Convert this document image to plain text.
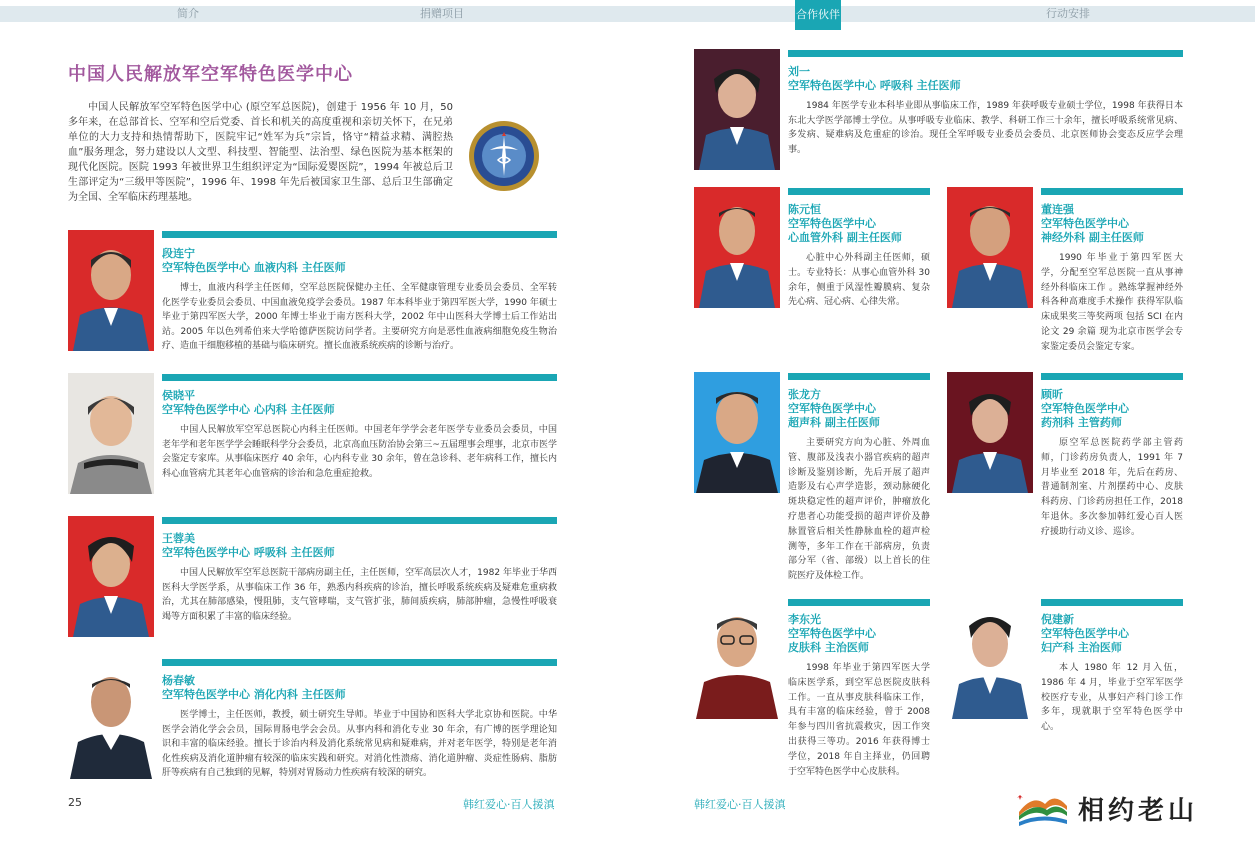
简介	捐赠项目	合作伙伴	行动安排
中国人民解放军空军特色医学中心
中国人民解放军空军特色医学中心 (原空军总医院)，创建于 1956 年 10 月，50 多年来，在总部首长、空军和空后党委、首长和机关的高度重视和亲切关怀下，在兄弟单位的大力支持和热情帮助下，医院牢记“姓军为兵”宗旨，恪守“精益求精、满腔热血”服务理念，努力建设以人文型、科技型、智能型、法治型、绿色医院为基本框架的现代化医院。医院 1993 年被世界卫生组织评定为“国际爱婴医院”，1994 年被总后卫生部评定为“三级甲等医院”，1996 年、1998 年先后被国家卫生部、总后卫生部确定为全国、全军临床药理基地。
段连宁
空军特色医学中心 血液内科 主任医师
博士，血液内科学主任医师，空军总医院保健办主任、全军健康管理专业委员会委员、全军转化医学专业委员会委员、中国血液免疫学会委员。1987 年本科毕业于第四军医大学，1990 年硕士毕业于第四军医大学，2000 年博士毕业于南方医科大学，2002 年中山医科大学博士后工作站出站。2005 年以色列希伯来大学哈德萨医院访问学者。主要研究方向是恶性血液病细胞免疫生物治疗、造血干细胞移植的基础与临床研究。擅长血液系统疾病的诊断与治疗。
侯晓平
空军特色医学中心 心内科 主任医师
中国人民解放军空军总医院心内科主任医师。中国老年学学会老年医学专业委员会委员，中国老年学和老年医学学会睡眠科学分会委员，北京高血压防治协会第三~五届理事会理事，北京市医学会鉴定专家库。从事临床医疗 40 余年，心内科专业 30 余年，曾在急诊科、老年病科工作，擅长内科心血管病尤其老年心血管病的诊治和急危重症抢救。
王蓉美
空军特色医学中心 呼吸科 主任医师
中国人民解放军空军总医院干部病房副主任，主任医师，空军高层次人才，1982 年毕业于华西医科大学医学系，从事临床工作 36 年，熟悉内科疾病的诊治，擅长呼吸系统疾病及疑难危重病救治，尤其在肺部感染，慢阻肺，支气管哮喘，支气管扩张，肺间质疾病，肺部肿瘤，急慢性呼吸衰竭等方面积累了丰富的临床经验。
杨春敏
空军特色医学中心 消化内科 主任医师
医学博士，主任医师，教授，硕士研究生导师。毕业于中国协和医科大学北京协和医院。中华医学会消化学会会员，国际胃肠电学会会员。从事内科和消化专业 30 年余，有广博的医学理论知识和丰富的临床经验。擅长于诊治内科及消化系统常见病和疑难病，并对老年医学，特别是老年消化性疾病及消化道肿瘤有较深的临床实践和研究。对消化性溃疡、消化道肿瘤、炎症性肠病、脂肪肝等疾病有自己独到的见解，特别对胃肠动力性疾病有较深的研究。
25	韩红爱心·百人援滇
刘一
空军特色医学中心 呼吸科 主任医师
1984 年医学专业本科毕业即从事临床工作，1989 年获呼吸专业硕士学位，1998 年获得日本东北大学医学部博士学位。从事呼吸专业临床、教学、科研工作三十余年，擅长呼吸系统常见病、多发病、疑难病及危重症的诊治。现任全军呼吸专业委员会委员、北京医师协会变态反应学会理事。
陈元恒
空军特色医学中心
心血管外科 副主任医师
心脏中心外科副主任医师，硕士。专业特长：从事心血管外科 30 余年，侧重于风湿性瓣膜病、复杂先心病、冠心病、心律失常。
董连强
空军特色医学中心
神经外科 副主任医师
1990 年毕业于第四军医大学，分配至空军总医院一直从事神经外科临床工作 。熟练掌握神经外科各种高难度手术操作 获得军队临床成果奖三等奖两项 包括 SCI 在内论文 29 余篇 现为北京市医学会专家鉴定委员会鉴定专家。
张龙方
空军特色医学中心
超声科 副主任医师
主要研究方向为心脏、外周血管、腹部及浅表小器官疾病的超声诊断及鉴别诊断，先后开展了超声造影及右心声学造影，颈动脉硬化斑块稳定性的超声评价，肿瘤放化疗患者心功能受损的超声评价及静脉置管后相关性静脉血栓的超声检测等，多年工作在干部病房，负责部分军（省、部级）以上首长的住院医疗及体检工作。
顾昕
空军特色医学中心
药剂科 主管药师
原空军总医院药学部主管药师，门诊药房负责人，1991 年 7 月毕业至 2018 年，先后在药房、普通制剂室、片剂摆药中心、皮肤科药房、门诊药房担任工作，2018 年退休。多次参加韩红爱心百人医疗援助行动义诊、巡诊。
李东光
空军特色医学中心
皮肤科 主治医师
1998 年毕业于第四军医大学临床医学系，到空军总医院皮肤科工作。一直从事皮肤科临床工作，具有丰富的临床经验，曾于 2008 年参与四川省抗震救灾，因工作突出获得三等功。2016 年获得博士学位，2018 年自主择业，仍回聘于空军特色医学中心皮肤科。
倪建新
空军特色医学中心
妇产科 主治医师
本人 1980 年 12 月入伍，1986 年 4 月，毕业于空军军医学校医疗专业，从事妇产科门诊工作多年，现就职于空军特色医学中心。
韩红爱心·百人援滇	相约老山
